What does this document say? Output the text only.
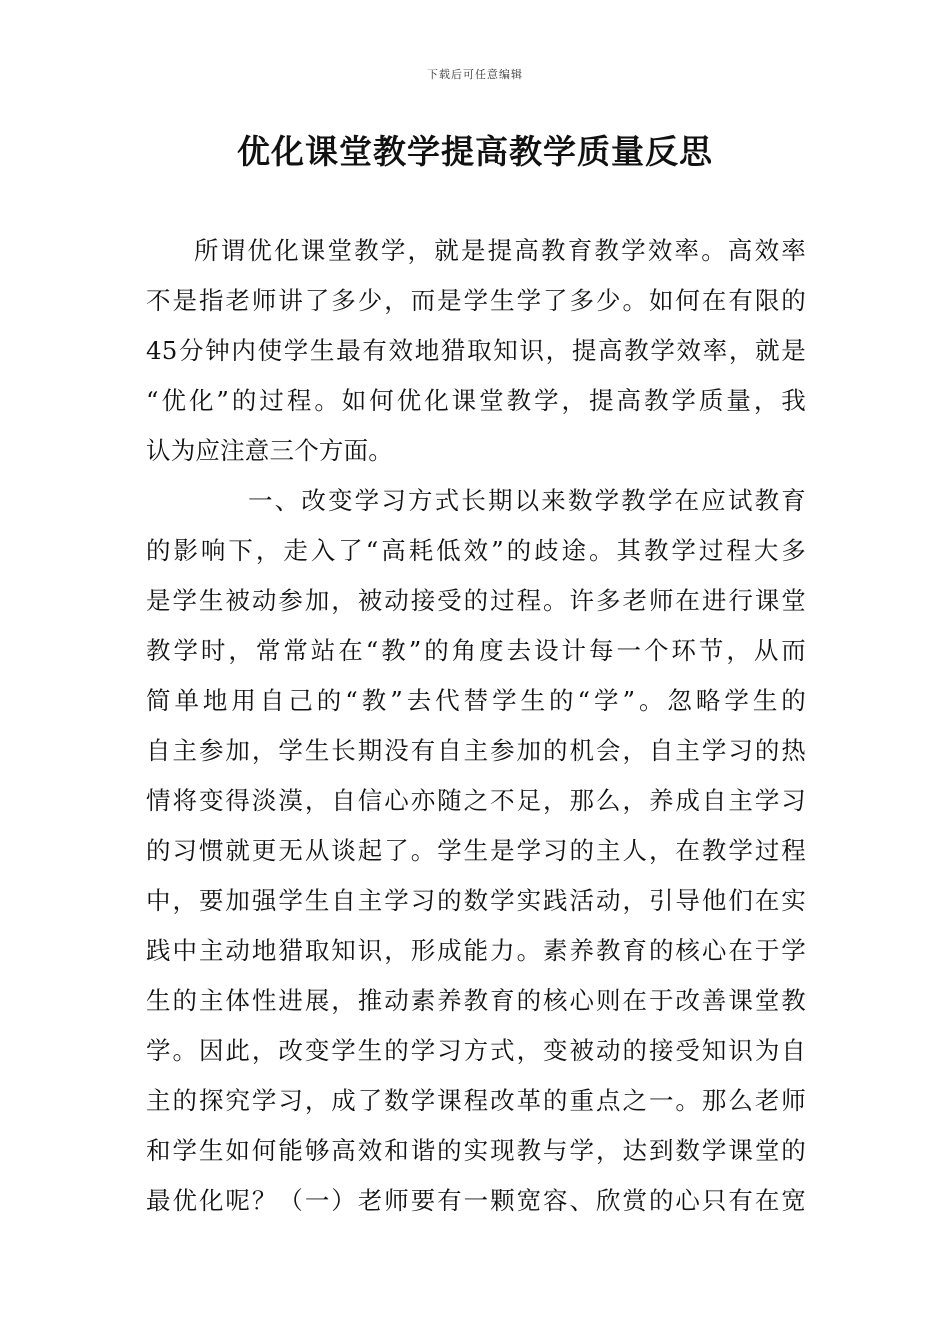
下载后可任意编辑
优化课堂教学提高教学质量反思
所谓优化课堂教学，就是提高教育教学效率。高效率
不是指老师讲了多少，而是学生学了多少。如何在有限的
45分钟内使学生最有效地猎取知识，提高教学效率，就是
“优化”的过程。如何优化课堂教学，提高教学质量，我
认为应注意三个方面。
一、改变学习方式长期以来数学教学在应试教育
的影响下，走入了“高耗低效”的歧途。其教学过程大多
是学生被动参加，被动接受的过程。许多老师在进行课堂
教学时，常常站在“教”的角度去设计每一个环节，从而
简单地用自己的“教”去代替学生的“学”。忽略学生的
自主参加，学生长期没有自主参加的机会，自主学习的热
情将变得淡漠，自信心亦随之不足，那么，养成自主学习
的习惯就更无从谈起了。学生是学习的主人，在教学过程
中，要加强学生自主学习的数学实践活动，引导他们在实
践中主动地猎取知识，形成能力。素养教育的核心在于学
生的主体性进展，推动素养教育的核心则在于改善课堂教
学。因此，改变学生的学习方式，变被动的接受知识为自
主的探究学习，成了数学课程改革的重点之一。那么老师
和学生如何能够高效和谐的实现教与学，达到数学课堂的
最优化呢？（一）老师要有一颗宽容、欣赏的心只有在宽
